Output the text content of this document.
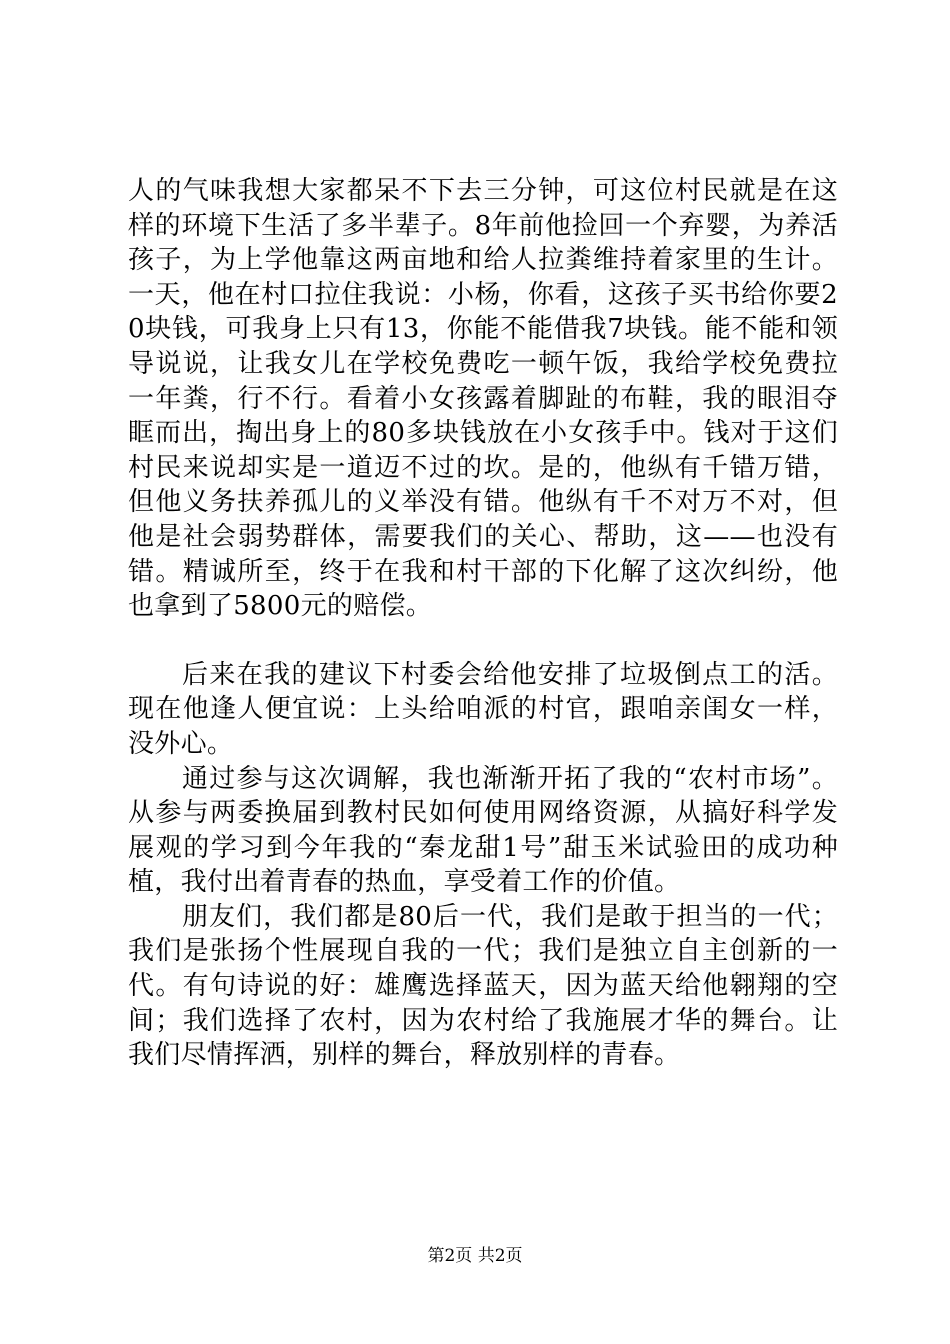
人的气味我想大家都呆不下去三分钟，可这位村民就是在这样的环境下生活了多半辈子。8年前他捡回一个弃婴，为养活孩子，为上学他靠这两亩地和给人拉粪维持着家里的生计。一天，他在村口拉住我说：小杨，你看，这孩子买书给你要20块钱，可我身上只有13，你能不能借我7块钱。能不能和领导说说，让我女儿在学校免费吃一顿午饭，我给学校免费拉一年粪，行不行。看着小女孩露着脚趾的布鞋，我的眼泪夺眶而出，掏出身上的80多块钱放在小女孩手中。钱对于这们村民来说却实是一道迈不过的坎。是的，他纵有千错万错，但他义务扶养孤儿的义举没有错。他纵有千不对万不对，但他是社会弱势群体，需要我们的关心、帮助，这——也没有错。精诚所至，终于在我和村干部的下化解了这次纠纷，他也拿到了5800元的赔偿。

后来在我的建议下村委会给他安排了垃圾倒点工的活。现在他逢人便宜说：上头给咱派的村官，跟咱亲闺女一样，没外心。

通过参与这次调解，我也渐渐开拓了我的“农村市场”。从参与两委换届到教村民如何使用网络资源，从搞好科学发展观的学习到今年我的“秦龙甜1号”甜玉米试验田的成功种植，我付出着青春的热血，享受着工作的价值。

朋友们，我们都是80后一代，我们是敢于担当的一代；我们是张扬个性展现自我的一代；我们是独立自主创新的一代。有句诗说的好：雄鹰选择蓝天，因为蓝天给他翱翔的空间；我们选择了农村，因为农村给了我施展才华的舞台。让我们尽情挥洒，别样的舞台，释放别样的青春。

第2页 共2页
